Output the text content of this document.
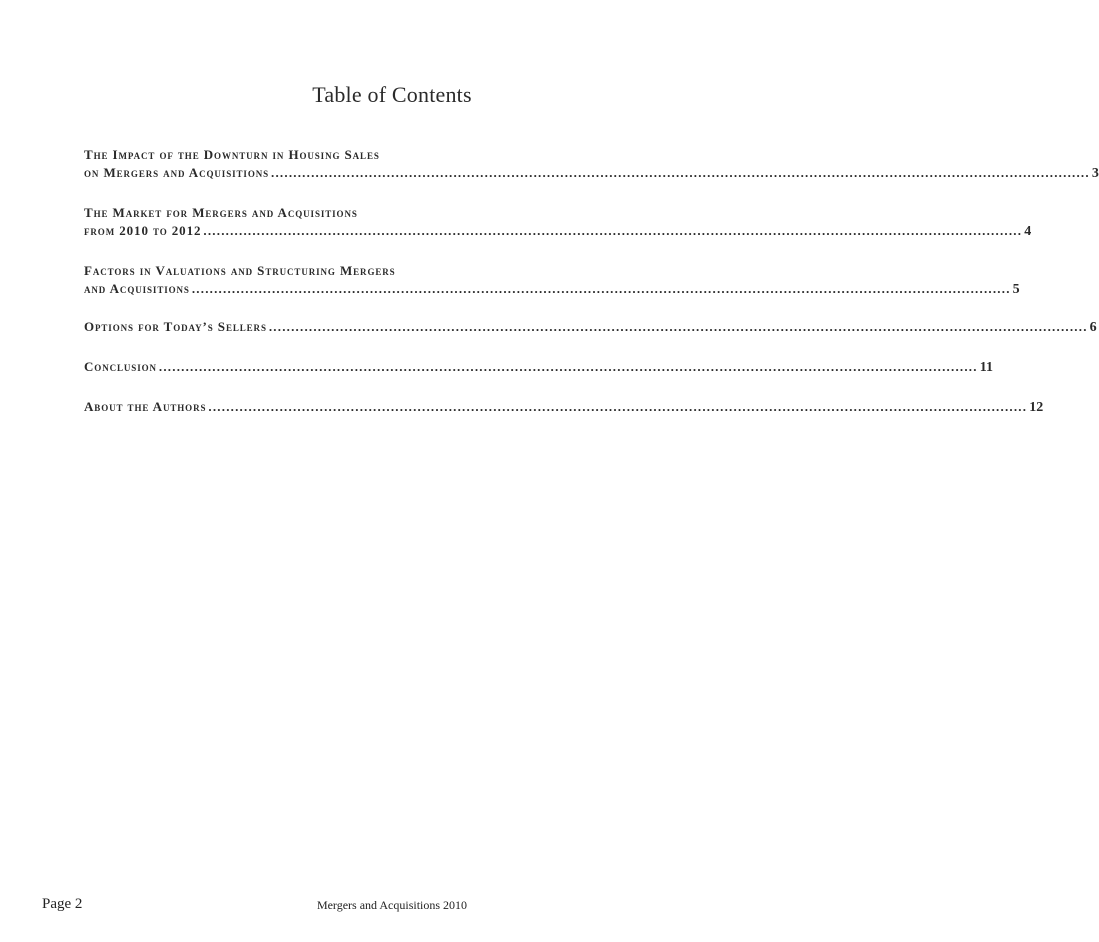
Table of Contents
The Impact of the Downturn in Housing Sales
on Mergers and Acquisitions ........................................................................................................................................................................................ 3
The Market for Mergers and Acquisitions
from 2010 to 2012 ........................................................................................................................................................................................ 4
Factors in Valuations and Structuring Mergers
and Acquisitions ........................................................................................................................................................................................ 5
Options for Today’s Sellers ........................................................................................................................................................................................ 6
Conclusion ........................................................................................................................................................................................ 11
About the Authors ........................................................................................................................................................................................ 12
Page 2	Mergers and Acquisitions 2010
